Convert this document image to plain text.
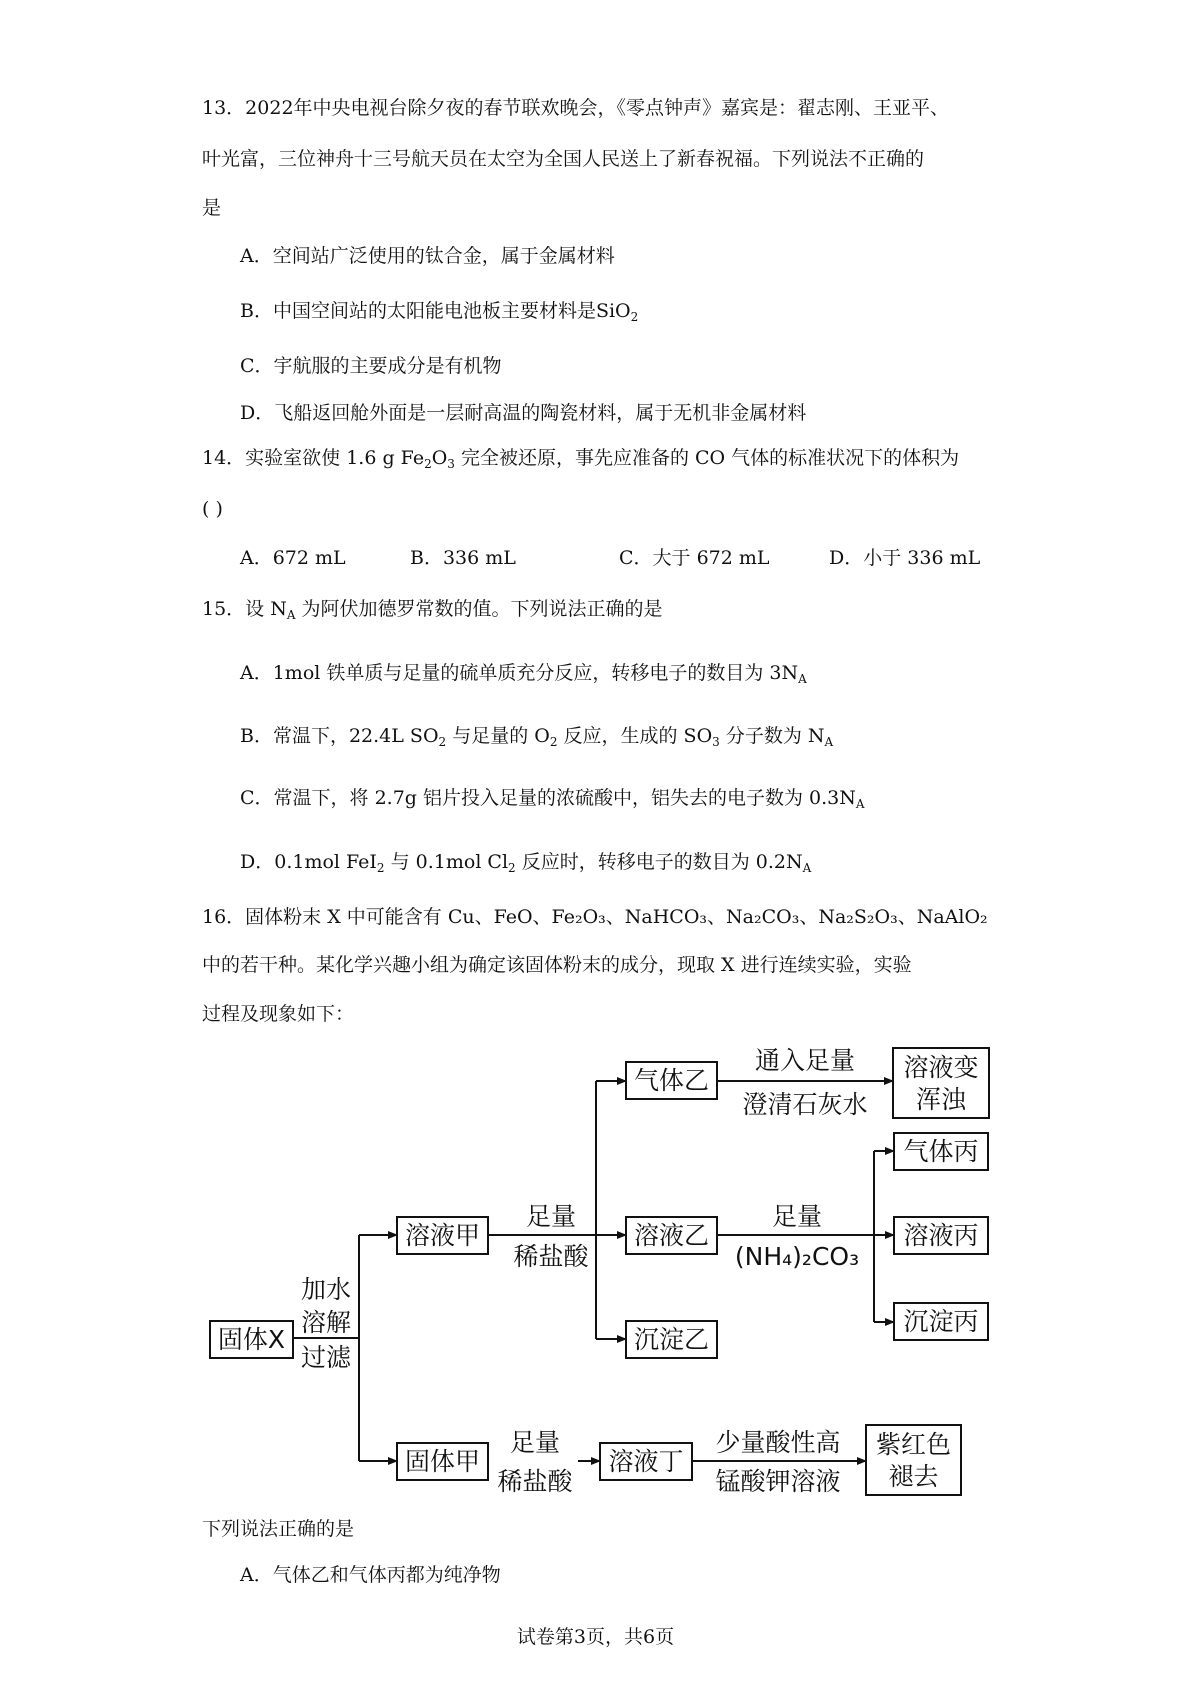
13．2022年中央电视台除夕夜的春节联欢晚会，《零点钟声》嘉宾是：翟志刚、王亚平、
叶光富，三位神舟十三号航天员在太空为全国人民送上了新春祝福。下列说法不正确的
是
A．空间站广泛使用的钛合金，属于金属材料
B．中国空间站的太阳能电池板主要材料是SiO$_2$
C．宇航服的主要成分是有机物
D．飞船返回舱外面是一层耐高温的陶瓷材料，属于无机非金属材料
14．实验室欲使 1.6 g $Fe_2O_3$ 完全被还原，事先应准备的 CO 气体的标准状况下的体积为
( )
A．672 mL	B．336 mL	C．大于 672 mL	D．小于 336 mL
15．设 $N_A$ 为阿伏加德罗常数的值。下列说法正确的是
A．1mol 铁单质与足量的硫单质充分反应，转移电子的数目为 $3N_A$
B．常温下，22.4L $SO_2$ 与足量的 $O_2$ 反应，生成的 $SO_3$ 分子数为 $N_A$
C．常温下，将 2.7g 铝片投入足量的浓硫酸中，铝失去的电子数为 $0.3N_A$
D．0.1mol FeI$_2$ 与 0.1mol $Cl_2$ 反应时，转移电子的数目为 $0.2N_A$
16．固体粉末 X 中可能含有 Cu、FeO、Fe₂O₃、NaHCO₃、Na₂CO₃、Na₂S₂O₃、NaAlO₂
中的若干种。某化学兴趣小组为确定该固体粉末的成分，现取 X 进行连续实验，实验
过程及现象如下：
固体X
溶液甲
固体甲
气体乙
溶液乙
沉淀乙
溶液变
浑浊
气体丙
溶液丙
沉淀丙
溶液丁
紫红色
褪去
加水
溶解
过滤
足量
稀盐酸
足量
稀盐酸
通入足量
澄清石灰水
足量
(NH₄)₂CO₃
少量酸性高
锰酸钾溶液
下列说法正确的是
A．气体乙和气体丙都为纯净物
试卷第3页，共6页
